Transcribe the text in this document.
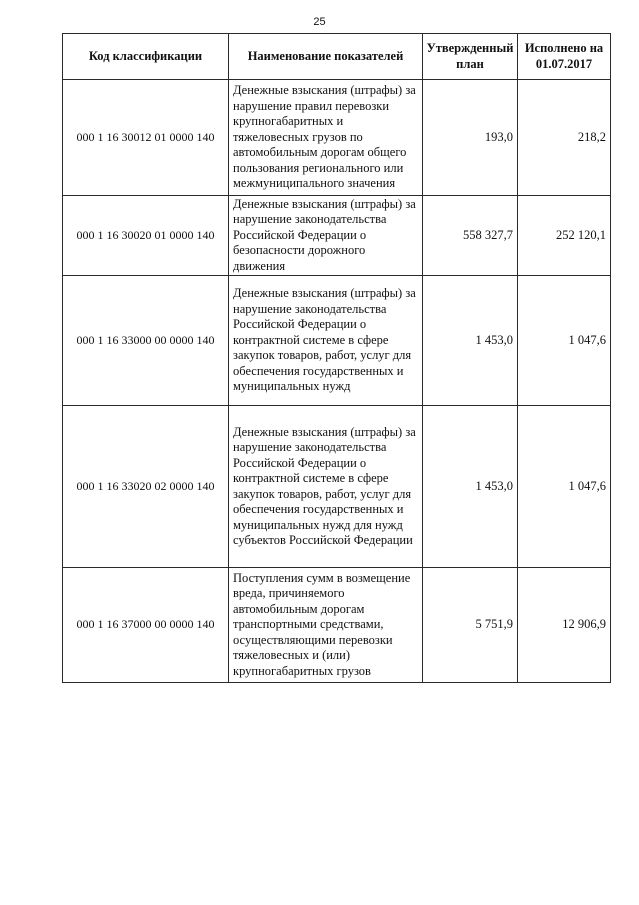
25
Код классификации	Наименование показателей	Утвержденный план	Исполнено на 01.07.2017
000 1 16 30012 01 0000 140	Денежные взыскания (штрафы) за нарушение правил перевозки крупногабаритных и тяжеловесных грузов по автомобильным дорогам общего пользования регионального или межмуниципального значения	193,0	218,2
000 1 16 30020 01 0000 140	Денежные взыскания (штрафы) за нарушение законодательства Российской Федерации о безопасности дорожного движения	558 327,7	252 120,1
000 1 16 33000 00 0000 140	Денежные взыскания (штрафы) за нарушение законодательства Российской Федерации о контрактной системе в сфере закупок товаров, работ, услуг для обеспечения государственных и муниципальных нужд	1 453,0	1 047,6
000 1 16 33020 02 0000 140	Денежные взыскания (штрафы) за нарушение законодательства Российской Федерации о контрактной системе в сфере закупок товаров, работ, услуг для обеспечения государственных и муниципальных нужд для нужд субъектов Российской Федерации	1 453,0	1 047,6
000 1 16 37000 00 0000 140	Поступления сумм в возмещение вреда, причиняемого автомобильным дорогам транспортными средствами, осуществляющими перевозки тяжеловесных и (или) крупногабаритных грузов	5 751,9	12 906,9
